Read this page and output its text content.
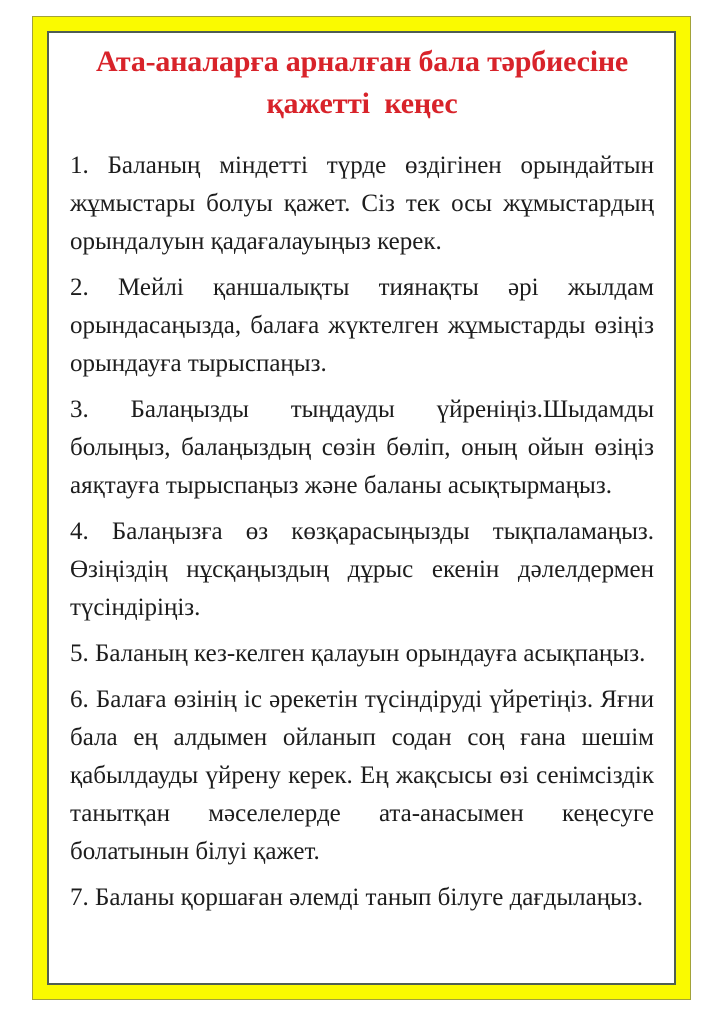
Ата-аналарға арналған бала тәрбиесіне
қажетті  кеңес

1. Баланың міндетті түрде өздігінен орындайтын жұмыстары болуы қажет. Сіз тек осы жұмыстардың орындалуын қадағалауыңыз керек.

2. Мейлі қаншалықты тиянақты әрі жылдам орындасаңызда, балаға жүктелген жұмыстарды өзіңіз орындауға тырыспаңыз.

3. Балаңызды тыңдауды үйреніңіз.Шыдамды болыңыз, балаңыздың сөзін бөліп, оның ойын өзіңіз аяқтауға тырыспаңыз және баланы асықтырмаңыз.

4. Балаңызға өз көзқарасыңызды тықпаламаңыз. Өзіңіздің нұсқаңыздың дұрыс екенін дәлелдермен түсіндіріңіз.

5. Баланың кез-келген қалауын орындауға асықпаңыз.

6. Балаға өзінің іс әрекетін түсіндіруді үйретіңіз. Яғни бала ең алдымен ойланып содан соң ғана шешім қабылдауды үйрену керек. Ең жақсысы өзі сенімсіздік танытқан мәселелерде ата-анасымен кеңесуге болатынын білуі қажет.

7. Баланы қоршаған әлемді танып білуге дағдылаңыз.
